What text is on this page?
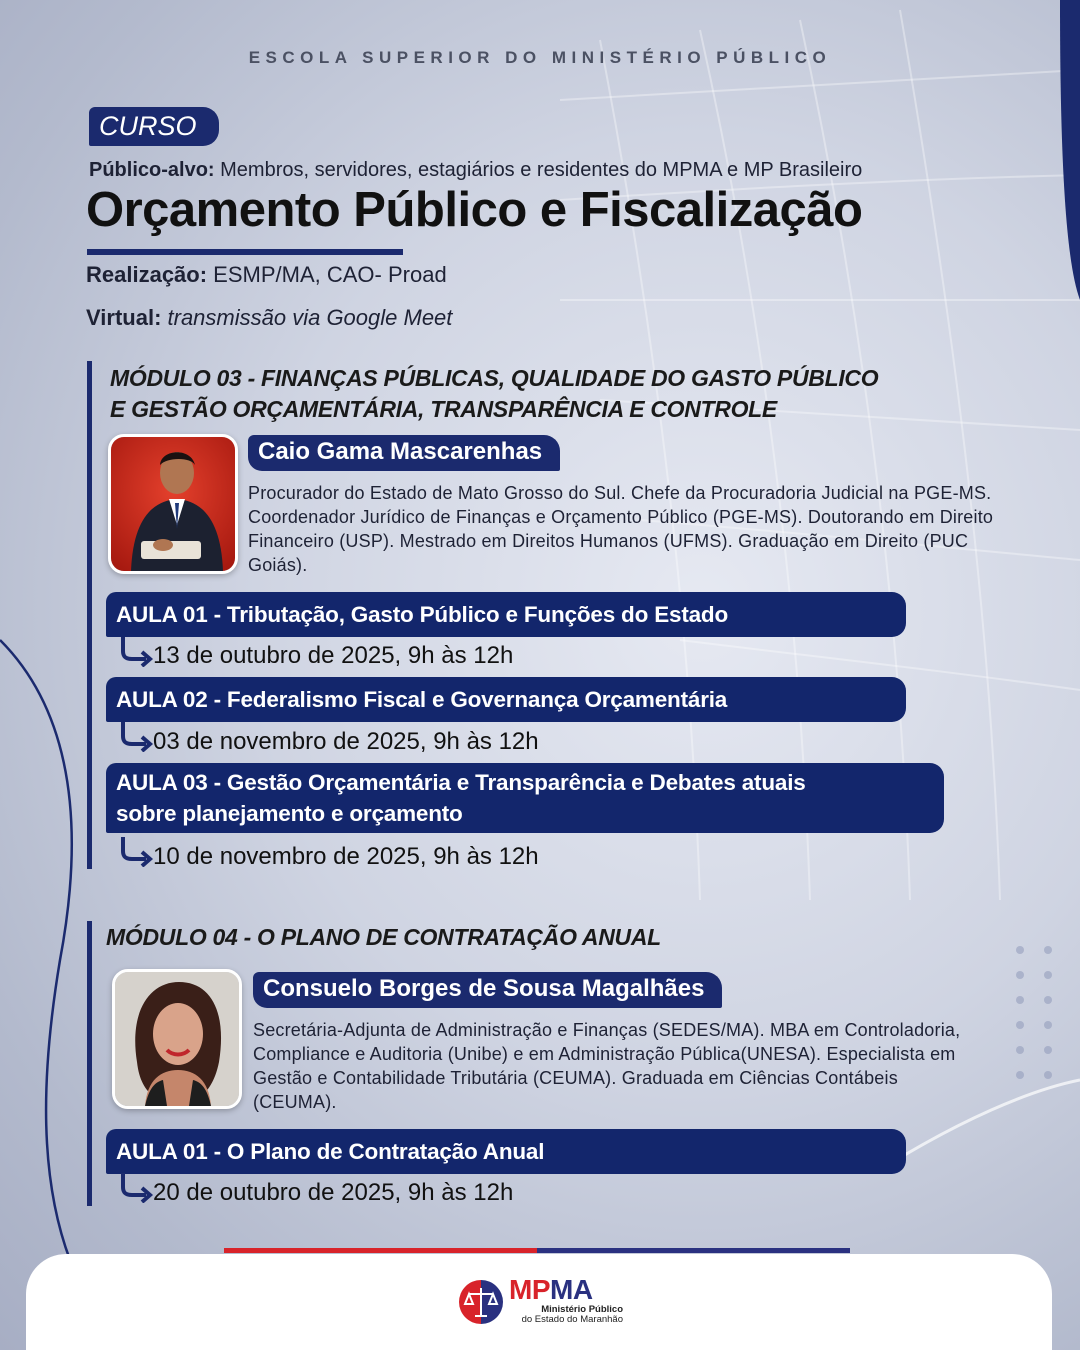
ESCOLA SUPERIOR DO MINISTÉRIO PÚBLICO
CURSO
Público-alvo: Membros, servidores, estagiários e residentes do MPMA e MP Brasileiro
Orçamento Público e Fiscalização
Realização: ESMP/MA, CAO- Proad
Virtual: transmissão via Google Meet
MÓDULO 03 - FINANÇAS PÚBLICAS, QUALIDADE DO GASTO PÚBLICO
E GESTÃO ORÇAMENTÁRIA, TRANSPARÊNCIA E CONTROLE
Caio Gama Mascarenhas
Procurador do Estado de Mato Grosso do Sul. Chefe da Procuradoria Judicial na PGE-MS. Coordenador Jurídico de Finanças e Orçamento Público (PGE-MS). Doutorando em Direito Financeiro (USP). Mestrado em Direitos Humanos (UFMS). Graduação em Direito (PUC Goiás).
AULA 01 - Tributação, Gasto Público e Funções do Estado
13 de outubro de 2025, 9h às 12h
AULA 02 - Federalismo Fiscal e Governança Orçamentária
03 de novembro de 2025, 9h às 12h
AULA 03 - Gestão Orçamentária e Transparência e Debates atuais
sobre planejamento e orçamento
10 de novembro de 2025, 9h às 12h
MÓDULO 04 - O PLANO DE CONTRATAÇÃO ANUAL
Consuelo Borges de Sousa Magalhães
Secretária-Adjunta de Administração e Finanças (SEDES/MA). MBA em Controladoria, Compliance e Auditoria (Unibe) e em Administração Pública(UNESA). Especialista em Gestão e Contabilidade Tributária (CEUMA). Graduada em Ciências Contábeis (CEUMA).
AULA 01 - O Plano de Contratação Anual
20 de outubro de 2025, 9h às 12h
MPMA
Ministério Público
do Estado do Maranhão
